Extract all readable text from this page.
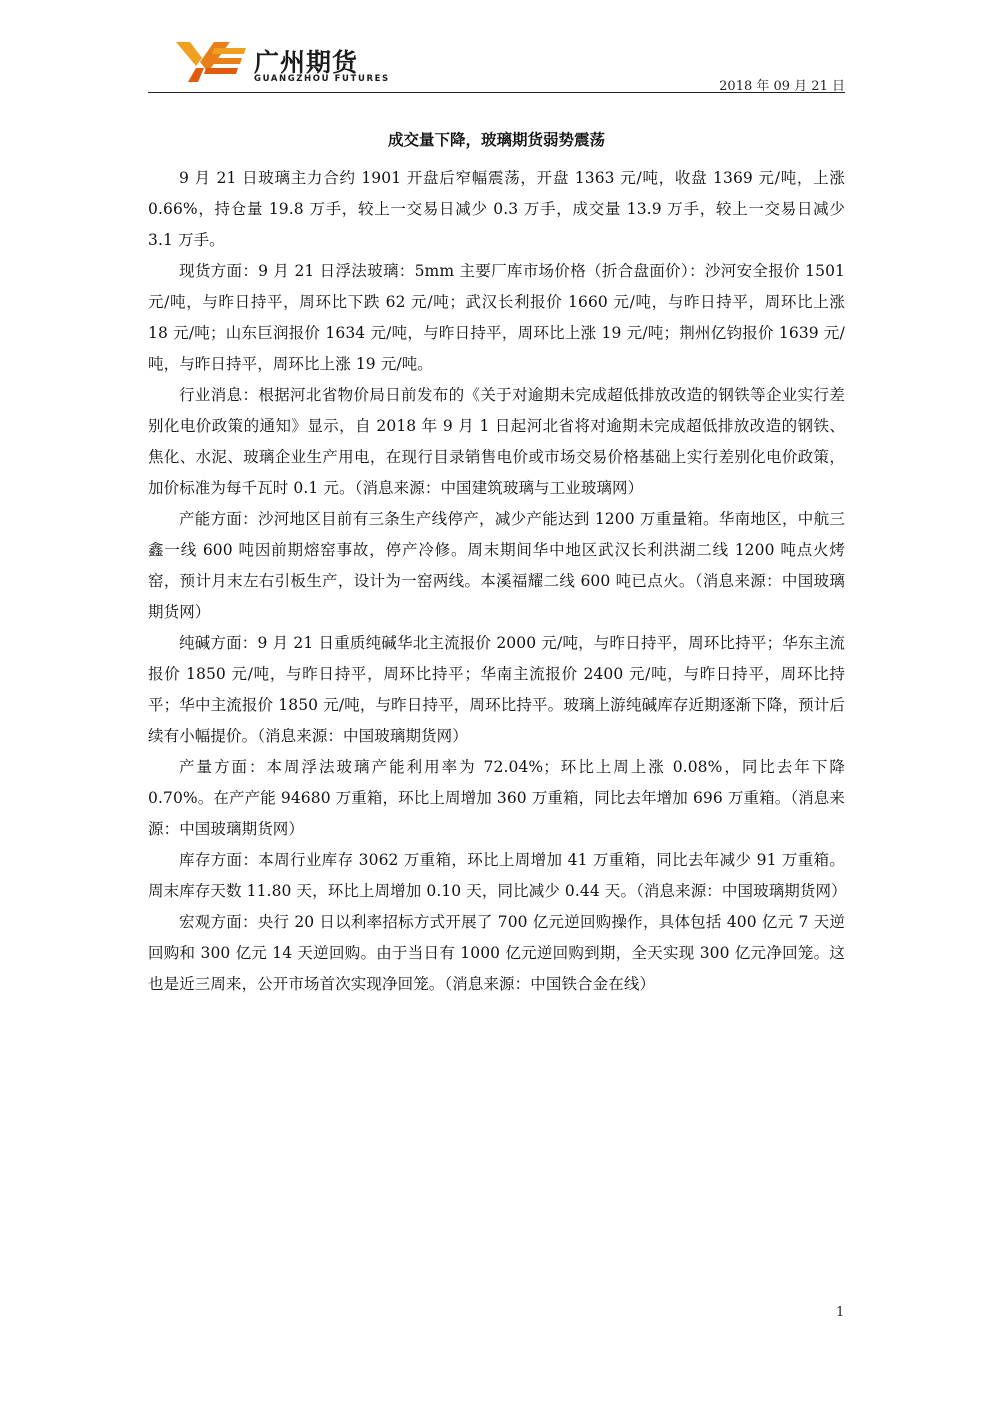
广州期货
GUANGZHOU FUTURES	2018 年 09 月 21 日
成交量下降，玻璃期货弱势震荡

9 月 21 日玻璃主力合约 1901 开盘后窄幅震荡，开盘 1363 元/吨，收盘 1369 元/吨，上涨 0.66%，持仓量 19.8 万手，较上一交易日减少 0.3 万手，成交量 13.9 万手，较上一交易日减少 3.1 万手。

现货方面：9 月 21 日浮法玻璃：5mm 主要厂库市场价格（折合盘面价）：沙河安全报价 1501 元/吨，与昨日持平，周环比下跌 62 元/吨；武汉长利报价 1660 元/吨，与昨日持平，周环比上涨 18 元/吨；山东巨润报价 1634 元/吨，与昨日持平，周环比上涨 19 元/吨；荆州亿钧报价 1639 元/吨，与昨日持平，周环比上涨 19 元/吨。

行业消息：根据河北省物价局日前发布的《关于对逾期未完成超低排放改造的钢铁等企业实行差别化电价政策的通知》显示，自 2018 年 9 月 1 日起河北省将对逾期未完成超低排放改造的钢铁、焦化、水泥、玻璃企业生产用电，在现行目录销售电价或市场交易价格基础上实行差别化电价政策，加价标准为每千瓦时 0.1 元。（消息来源：中国建筑玻璃与工业玻璃网）

产能方面：沙河地区目前有三条生产线停产，减少产能达到 1200 万重量箱。华南地区，中航三鑫一线 600 吨因前期熔窑事故，停产冷修。周末期间华中地区武汉长利洪湖二线 1200 吨点火烤窑，预计月末左右引板生产，设计为一窑两线。本溪福耀二线 600 吨已点火。（消息来源：中国玻璃期货网）

纯碱方面：9 月 21 日重质纯碱华北主流报价 2000 元/吨，与昨日持平，周环比持平；华东主流报价 1850 元/吨，与昨日持平，周环比持平；华南主流报价 2400 元/吨，与昨日持平，周环比持平；华中主流报价 1850 元/吨，与昨日持平，周环比持平。玻璃上游纯碱库存近期逐渐下降，预计后续有小幅提价。（消息来源：中国玻璃期货网）

产量方面：本周浮法玻璃产能利用率为 72.04%；环比上周上涨 0.08%，同比去年下降 0.70%。在产产能 94680 万重箱，环比上周增加 360 万重箱，同比去年增加 696 万重箱。（消息来源：中国玻璃期货网）

库存方面：本周行业库存 3062 万重箱，环比上周增加 41 万重箱，同比去年减少 91 万重箱。周末库存天数 11.80 天，环比上周增加 0.10 天，同比减少 0.44 天。（消息来源：中国玻璃期货网）

宏观方面：央行 20 日以利率招标方式开展了 700 亿元逆回购操作，具体包括 400 亿元 7 天逆回购和 300 亿元 14 天逆回购。由于当日有 1000 亿元逆回购到期，全天实现 300 亿元净回笼。这也是近三周来，公开市场首次实现净回笼。（消息来源：中国铁合金在线）

1
